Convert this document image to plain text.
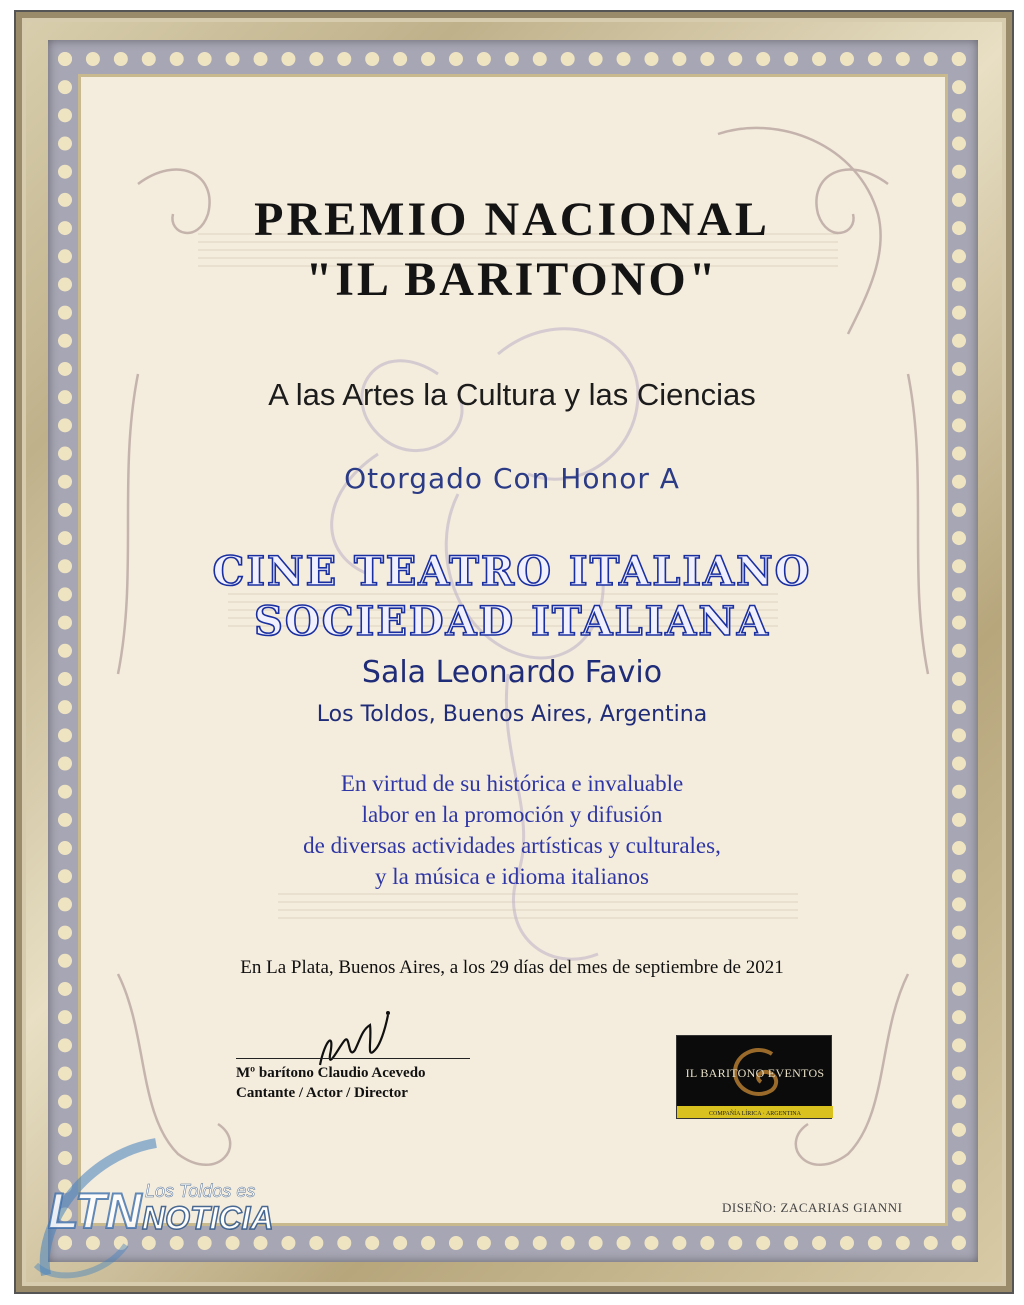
PREMIO NACIONAL
"IL BARITONO"

A las Artes la Cultura y las Ciencias

Otorgado Con Honor A

CINE TEATRO ITALIANO

SOCIEDAD ITALIANA

Sala Leonardo Favio

Los Toldos, Buenos Aires, Argentina

En virtud de su histórica e invaluable
labor en la promoción y difusión
de diversas actividades artísticas y culturales,
y la música e idioma italianos

En La Plata, Buenos Aires, a los 29 días del mes de septiembre de 2021

Mº barítono Claudio Acevedo
Cantante / Actor / Director
IL BARITONO EVENTOS
COMPAÑÍA LÍRICA · ARGENTINA
DISEÑO: ZACARIAS GIANNI
LTN Los Toldos es
NOTICIA
